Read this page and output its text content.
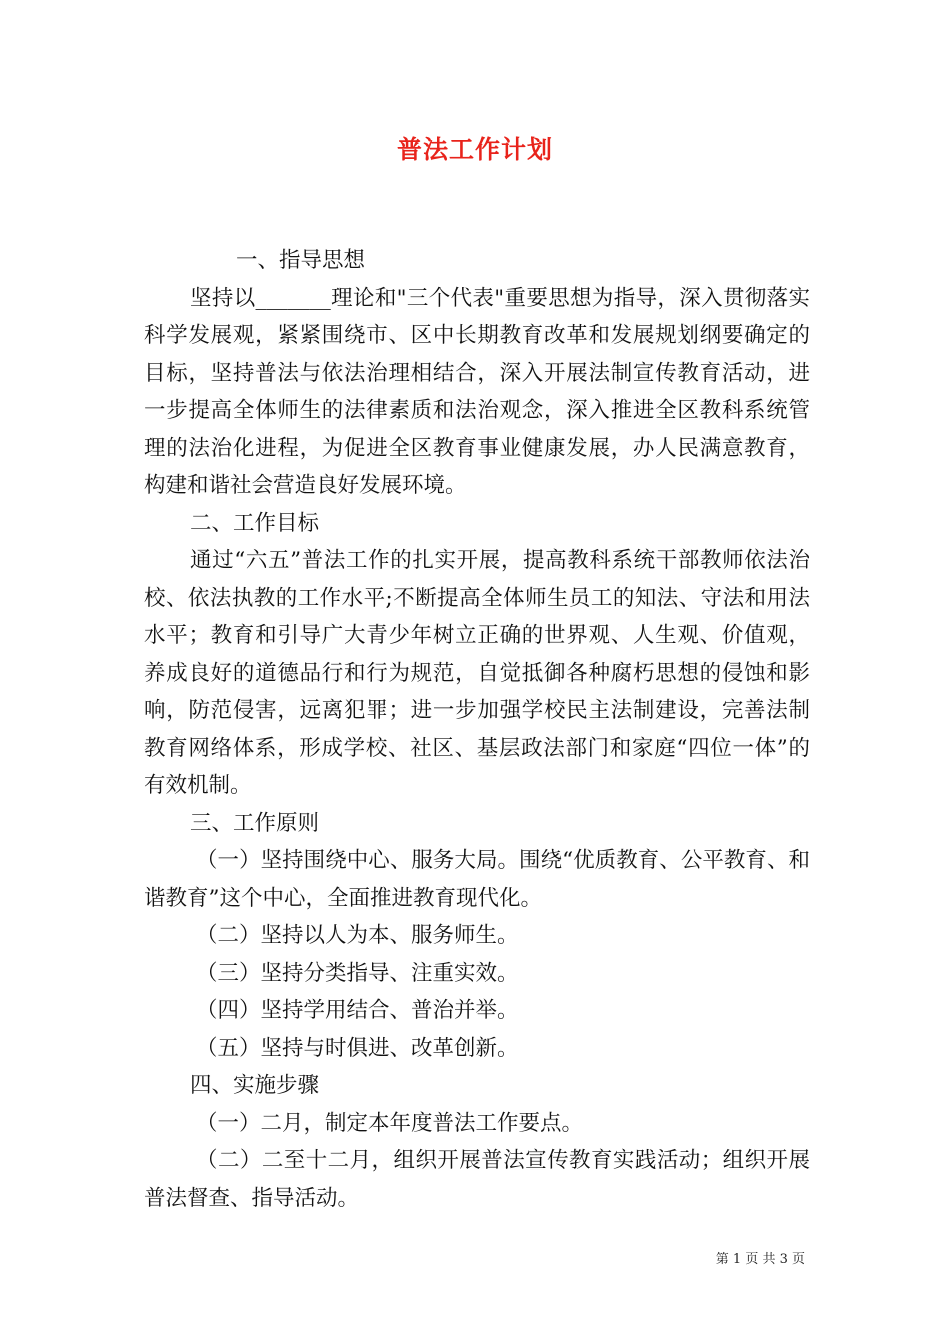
普法工作计划

一、指导思想

坚持以_______理论和"三个代表"重要思想为指导，深入贯彻落实科学发展观，紧紧围绕市、区中长期教育改革和发展规划纲要确定的目标，坚持普法与依法治理相结合，深入开展法制宣传教育活动，进一步提高全体师生的法律素质和法治观念，深入推进全区教科系统管理的法治化进程，为促进全区教育事业健康发展，办人民满意教育，构建和谐社会营造良好发展环境。

二、工作目标

通过“六五”普法工作的扎实开展，提高教科系统干部教师依法治校、依法执教的工作水平;不断提高全体师生员工的知法、守法和用法水平；教育和引导广大青少年树立正确的世界观、人生观、价值观，养成良好的道德品行和行为规范，自觉抵御各种腐朽思想的侵蚀和影响，防范侵害，远离犯罪；进一步加强学校民主法制建设，完善法制教育网络体系，形成学校、社区、基层政法部门和家庭“四位一体”的有效机制。

三、工作原则

（一）坚持围绕中心、服务大局。围绕“优质教育、公平教育、和谐教育”这个中心，全面推进教育现代化。

（二）坚持以人为本、服务师生。

（三）坚持分类指导、注重实效。

（四）坚持学用结合、普治并举。

（五）坚持与时俱进、改革创新。

四、实施步骤

（一）二月，制定本年度普法工作要点。

（二）二至十二月，组织开展普法宣传教育实践活动；组织开展普法督查、指导活动。

第 1 页 共 3 页
